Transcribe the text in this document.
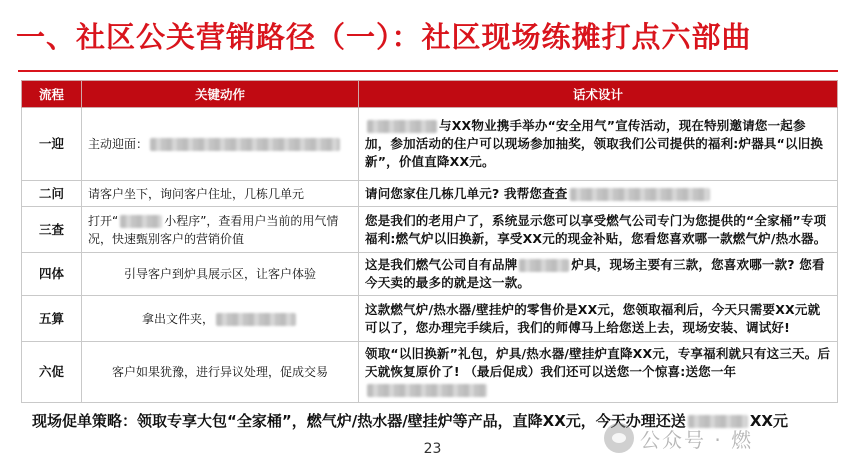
一、社区公关营销路径（一）：社区现场练摊打点六部曲
流程	关键动作	话术设计
一迎	主动迎面：	与XX物业携手举办“安全用气”宣传活动，现在特别邀请您一起参加，参加活动的住户可以现场参加抽奖，领取我们公司提供的福利:炉器具“以旧换新”，价值直降XX元。
二问	请客户坐下，询问客户住址，几栋几单元	请问您家住几栋几单元? 我帮您查查
三查	打开“ 小程序”，查看用户当前的用气情况，快速甄别客户的营销价值	您是我们的老用户了，系统显示您可以享受燃气公司专门为您提供的“全家桶”专项福利:燃气炉以旧换新，享受XX元的现金补贴，您看您喜欢哪一款燃气炉/热水器。
四体	引导客户到炉具展示区，让客户体验	这是我们燃气公司自有品牌 炉具，现场主要有三款，您喜欢哪一款? 您看今天卖的最多的就是这一款。
五算	拿出文件夹，	这款燃气炉/热水器/壁挂炉的零售价是XX元，您领取福利后，今天只需要XX元就可以了，您办理完手续后，我们的师傅马上给您送上去，现场安装、调试好!
六促	客户如果犹豫，进行异议处理，促成交易	领取“以旧换新”礼包，炉具/热水器/壁挂炉直降XX元，专享福利就只有这三天。后天就恢复原价了! （最后促成）我们还可以送您一个惊喜:送您一年
现场促单策略：领取专享大包“全家桶”，燃气炉/热水器/壁挂炉等产品，直降XX元，今天办理还送	XX元
23	公众号 · 燃
